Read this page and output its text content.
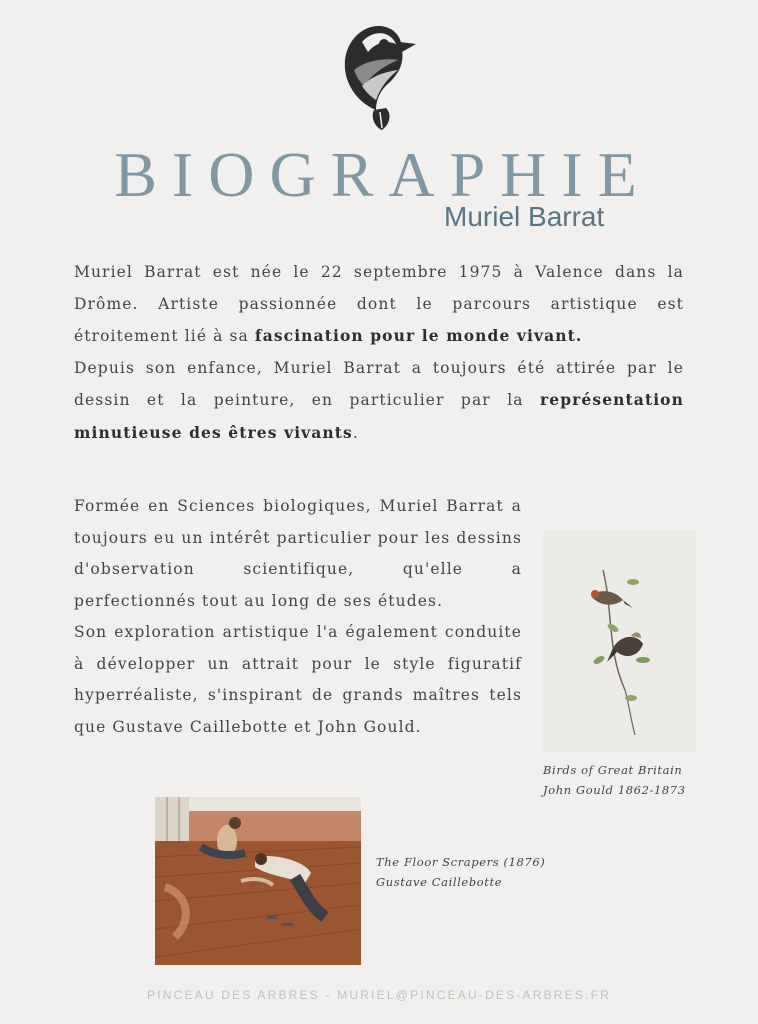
BIOGRAPHIE
Muriel Barrat

Muriel Barrat est née le 22 septembre 1975 à Valence dans la Drôme. Artiste passionnée dont le parcours artistique est étroitement lié à sa fascination pour le monde vivant.
Depuis son enfance, Muriel Barrat a toujours été attirée par le dessin et la peinture, en particulier par la représentation minutieuse des êtres vivants.

Formée en Sciences biologiques, Muriel Barrat a toujours eu un intérêt particulier pour les dessins d'observation scientifique, qu'elle a perfectionnés tout au long de ses études.
Son exploration artistique l'a également conduite à développer un attrait pour le style figuratif hyperréaliste, s'inspirant de grands maîtres tels que Gustave Caillebotte et John Gould.

Birds of Great Britain
John Gould 1862-1873
The Floor Scrapers (1876)
Gustave Caillebotte
PINCEAU DES ARBRES - MURIEL@PINCEAU-DES-ARBRES.FR
